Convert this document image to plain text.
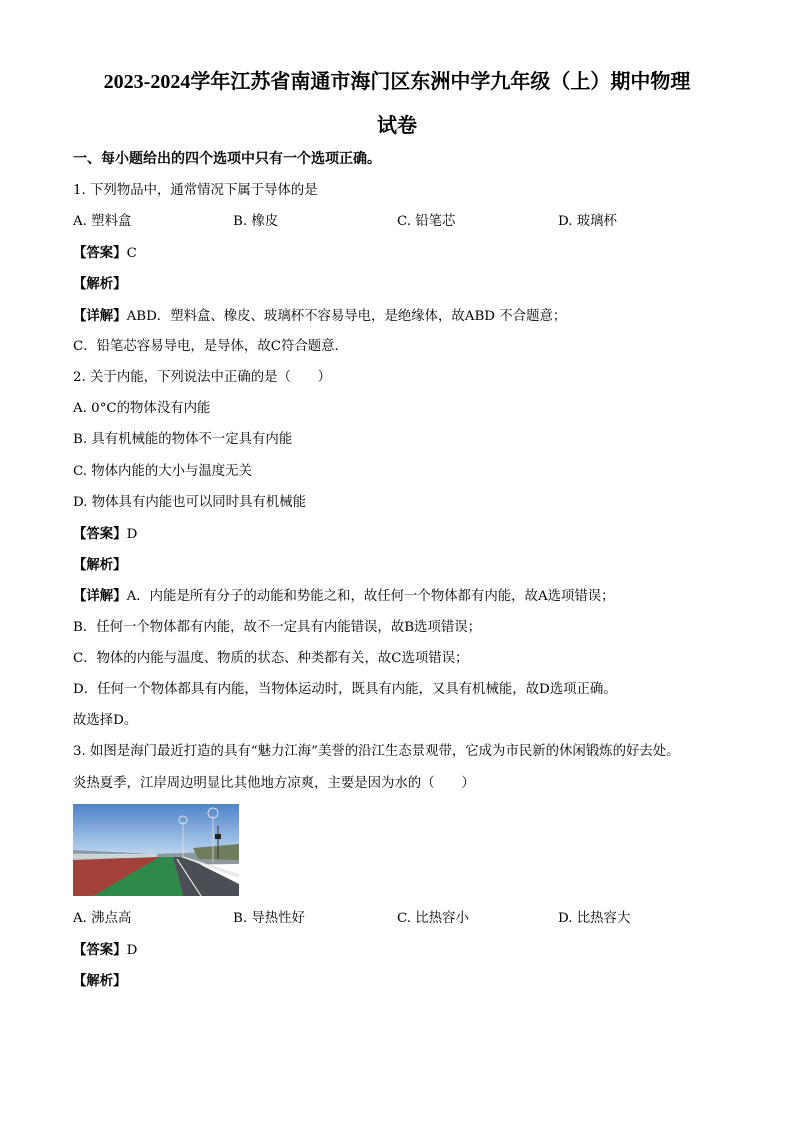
2023-2024学年江苏省南通市海门区东洲中学九年级（上）期中物理
试卷
一、每小题给出的四个选项中只有一个选项正确。
1. 下列物品中，通常情况下属于导体的是
A. 塑料盒	B. 橡皮	C. 铅笔芯	D. 玻璃杯
【答案】C
【解析】
【详解】ABD．塑料盒、橡皮、玻璃杯不容易导电，是绝缘体，故ABD 不合题意；
C．铅笔芯容易导电，是导体，故C符合题意．
2. 关于内能，下列说法中正确的是（　　）
A. 0°C的物体没有内能
B. 具有机械能的物体不一定具有内能
C. 物体内能的大小与温度无关
D. 物体具有内能也可以同时具有机械能
【答案】D
【解析】
【详解】A．内能是所有分子的动能和势能之和，故任何一个物体都有内能，故A选项错误；
B．任何一个物体都有内能，故不一定具有内能错误，故B选项错误；
C．物体的内能与温度、物质的状态、种类都有关，故C选项错误；
D．任何一个物体都具有内能，当物体运动时，既具有内能，又具有机械能，故D选项正确。
故选择D。
3. 如图是海门最近打造的具有“魅力江海”美誉的沿江生态景观带，它成为市民新的休闲锻炼的好去处。
炎热夏季，江岸周边明显比其他地方凉爽，主要是因为水的（　　）
A. 沸点高	B. 导热性好	C. 比热容小	D. 比热容大
【答案】D
【解析】
